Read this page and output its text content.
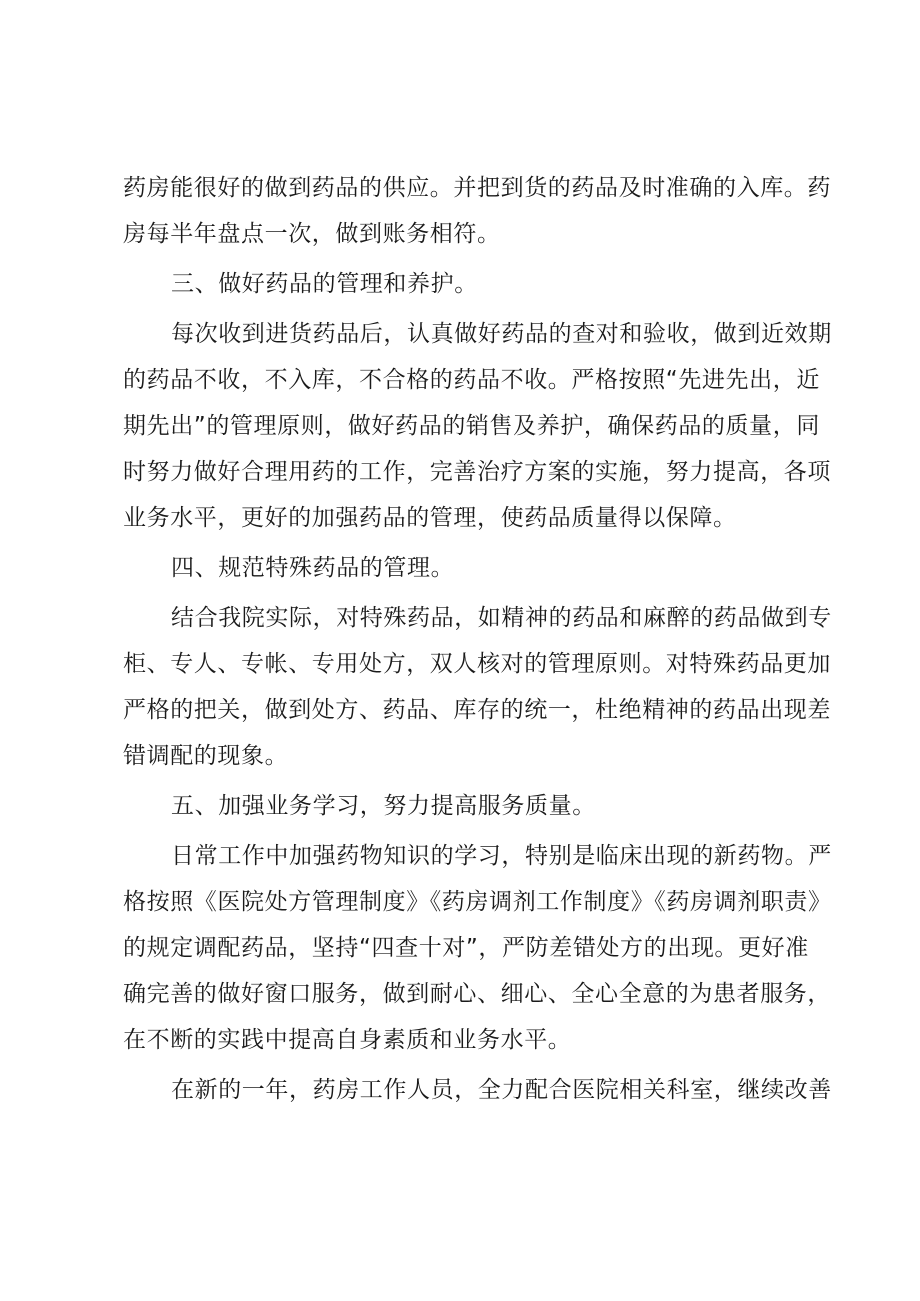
药房能很好的做到药品的供应。并把到货的药品及时准确的入库。药
房每半年盘点一次，做到账务相符。
三、做好药品的管理和养护。
每次收到进货药品后，认真做好药品的查对和验收，做到近效期
的药品不收，不入库，不合格的药品不收。严格按照“先进先出，近
期先出”的管理原则，做好药品的销售及养护，确保药品的质量，同
时努力做好合理用药的工作，完善治疗方案的实施，努力提高，各项
业务水平，更好的加强药品的管理，使药品质量得以保障。
四、规范特殊药品的管理。
结合我院实际，对特殊药品，如精神的药品和麻醉的药品做到专
柜、专人、专帐、专用处方，双人核对的管理原则。对特殊药品更加
严格的把关，做到处方、药品、库存的统一，杜绝精神的药品出现差
错调配的现象。
五、加强业务学习，努力提高服务质量。
日常工作中加强药物知识的学习，特别是临床出现的新药物。严
格按照《医院处方管理制度》《药房调剂工作制度》《药房调剂职责》
的规定调配药品，坚持“四查十对”，严防差错处方的出现。更好准
确完善的做好窗口服务，做到耐心、细心、全心全意的为患者服务，
在不断的实践中提高自身素质和业务水平。
在新的一年，药房工作人员，全力配合医院相关科室，继续改善
